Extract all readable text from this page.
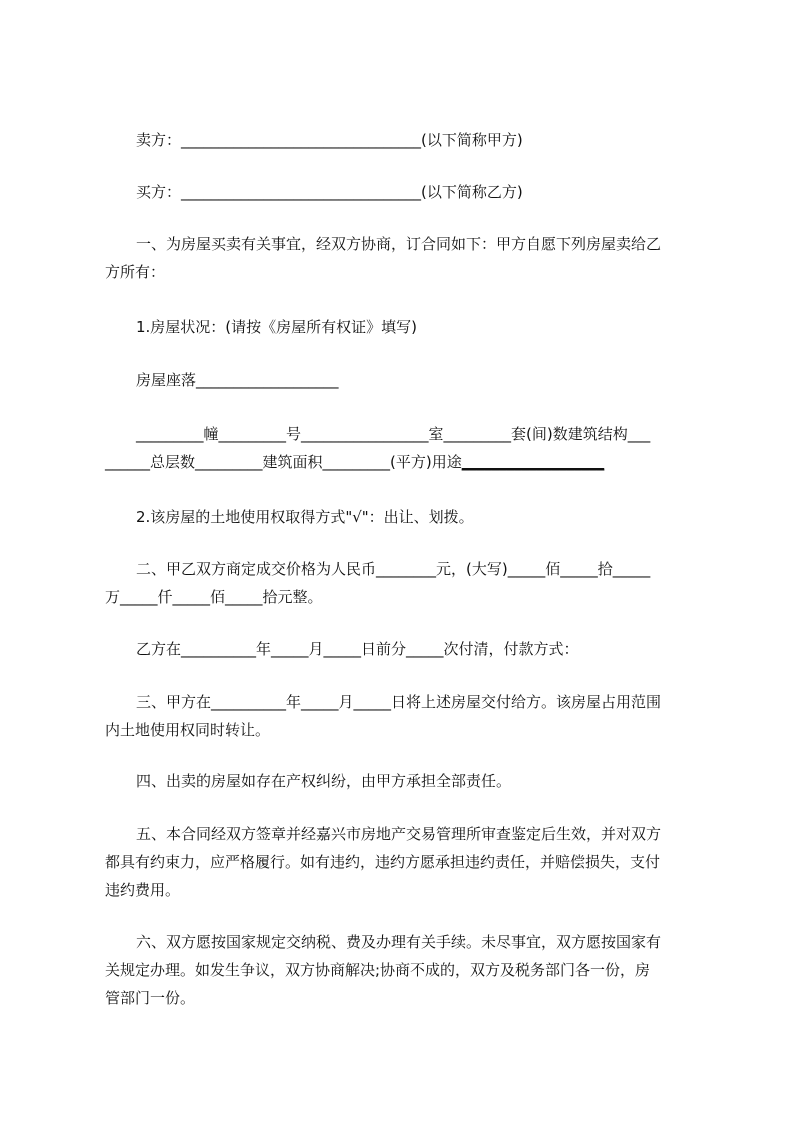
卖方：________________________________(以下简称甲方)
买方：________________________________(以下简称乙方)
一、为房屋买卖有关事宜，经双方协商，订合同如下：甲方自愿下列房屋卖给乙
方所有：
1.房屋状况：(请按《房屋所有权证》填写)
房屋座落___________________
_________幢_________号_________________室_________套(间)数建筑结构___
______总层数_________建筑面积_________(平方)用途___________________
2.该房屋的土地使用权取得方式"√"：出让、划拨。
二、甲乙双方商定成交价格为人民币________元，(大写)_____佰_____拾_____
万_____仟_____佰_____拾元整。
乙方在__________年_____月_____日前分_____次付清，付款方式：
三、甲方在__________年_____月_____日将上述房屋交付给方。该房屋占用范围
内土地使用权同时转让。
四、出卖的房屋如存在产权纠纷，由甲方承担全部责任。
五、本合同经双方签章并经嘉兴市房地产交易管理所审查鉴定后生效，并对双方
都具有约束力，应严格履行。如有违约，违约方愿承担违约责任，并赔偿损失，支付
违约费用。
六、双方愿按国家规定交纳税、费及办理有关手续。未尽事宜，双方愿按国家有
关规定办理。如发生争议，双方协商解决;协商不成的，双方及税务部门各一份，房
管部门一份。
